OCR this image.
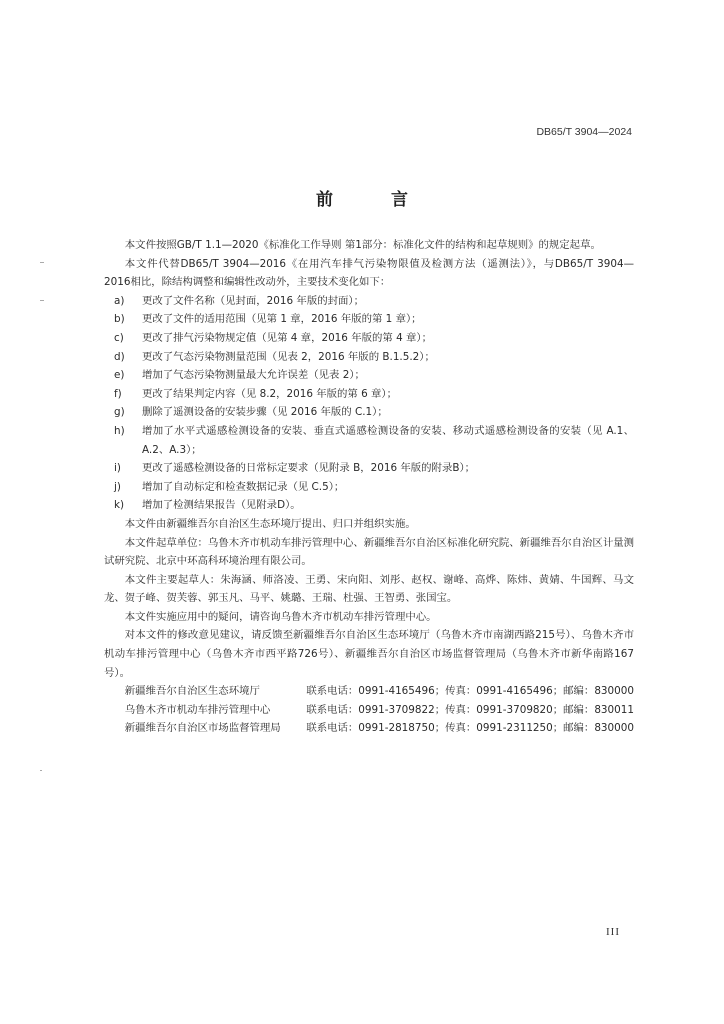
DB65/T 3904—2024
前 言

本文件按照GB/T 1.1—2020《标准化工作导则 第1部分：标准化文件的结构和起草规则》的规定起草。

本文件代替DB65/T 3904—2016《在用汽车排气污染物限值及检测方法（遥测法）》，与DB65/T 3904—2016相比，除结构调整和编辑性改动外，主要技术变化如下：

a)	更改了文件名称（见封面，2016 年版的封面）；
b)	更改了文件的适用范围（见第 1 章，2016 年版的第 1 章）；
c)	更改了排气污染物规定值（见第 4 章，2016 年版的第 4 章）；
d)	更改了气态污染物测量范围（见表 2，2016 年版的 B.1.5.2）；
e)	增加了气态污染物测量最大允许误差（见表 2）；
f)	更改了结果判定内容（见 8.2，2016 年版的第 6 章）；
g)	删除了遥测设备的安装步骤（见 2016 年版的 C.1）；
h)	增加了水平式遥感检测设备的安装、垂直式遥感检测设备的安装、移动式遥感检测设备的安装（见 A.1、A.2、A.3）；
i)	更改了遥感检测设备的日常标定要求（见附录 B，2016 年版的附录B）；
j)	增加了自动标定和检查数据记录（见 C.5）；
k)	增加了检测结果报告（见附录D）。

本文件由新疆维吾尔自治区生态环境厅提出、归口并组织实施。

本文件起草单位：乌鲁木齐市机动车排污管理中心、新疆维吾尔自治区标准化研究院、新疆维吾尔自治区计量测试研究院、北京中环高科环境治理有限公司。

本文件主要起草人：朱海涵、师洛凌、王勇、宋向阳、刘彤、赵权、谢峰、高烨、陈炜、黄婧、牛国辉、马文龙、贺子峰、贺芙蓉、郭玉凡、马平、姚璐、王瑞、杜强、王智勇、张国宝。

本文件实施应用中的疑问，请咨询乌鲁木齐市机动车排污管理中心。

对本文件的修改意见建议，请反馈至新疆维吾尔自治区生态环境厅（乌鲁木齐市南湖西路215号）、乌鲁木齐市机动车排污管理中心（乌鲁木齐市西平路726号）、新疆维吾尔自治区市场监督管理局（乌鲁木齐市新华南路167号）。

新疆维吾尔自治区生态环境厅	联系电话：0991-4165496；传真：0991-4165496；邮编：830000
乌鲁木齐市机动车排污管理中心	联系电话：0991-3709822；传真：0991-3709820；邮编：830011
新疆维吾尔自治区市场监督管理局	联系电话：0991-2818750；传真：0991-2311250；邮编：830000
III
